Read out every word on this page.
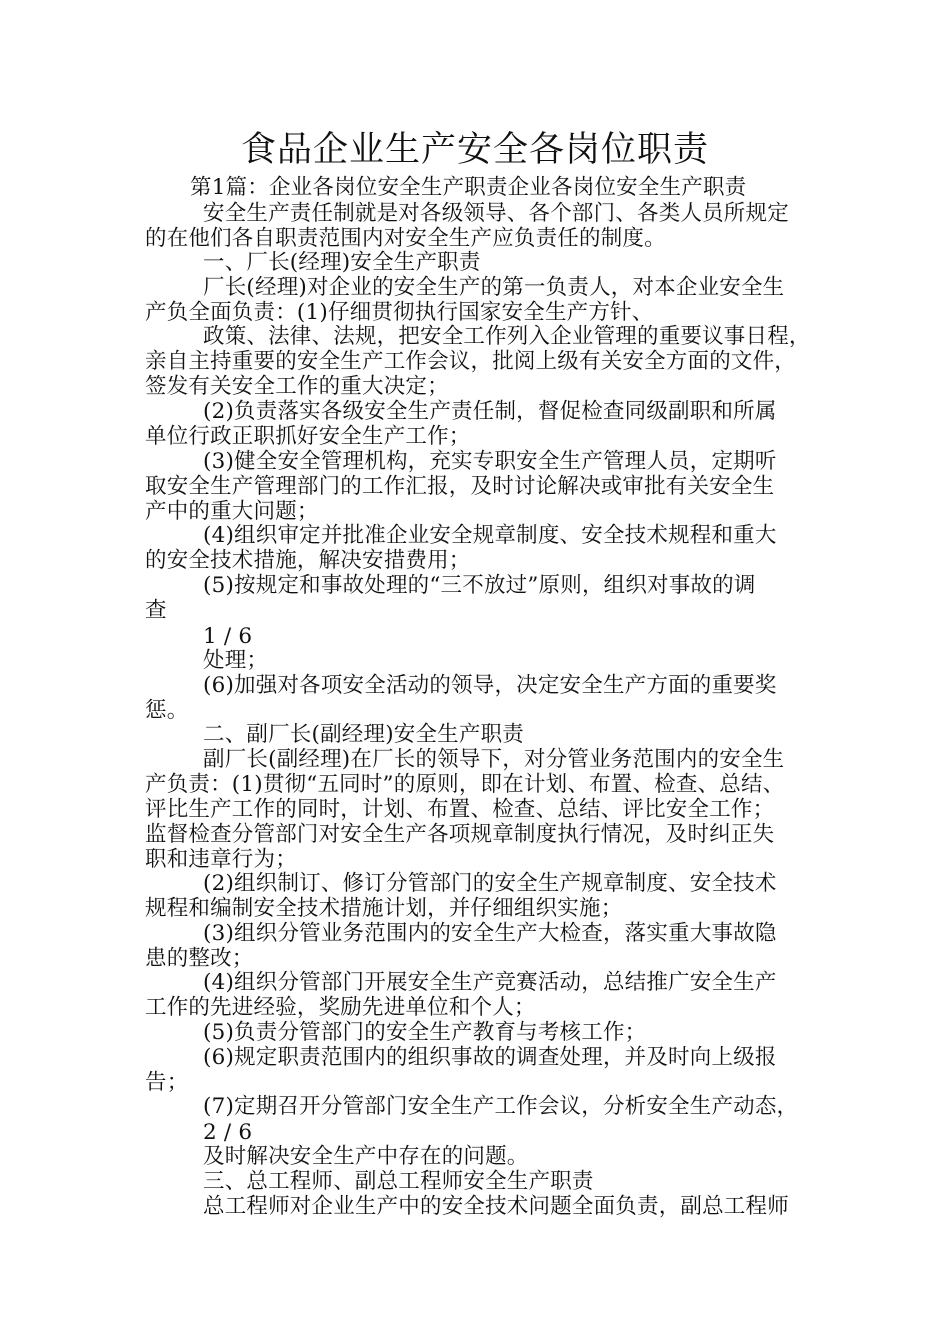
食品企业生产安全各岗位职责
第1篇：企业各岗位安全生产职责企业各岗位安全生产职责
安全生产责任制就是对各级领导、各个部门、各类人员所规定
的在他们各自职责范围内对安全生产应负责任的制度。
一、厂长(经理)安全生产职责
厂长(经理)对企业的安全生产的第一负责人，对本企业安全生
产负全面负责：(1)仔细贯彻执行国家安全生产方针、
政策、法律、法规，把安全工作列入企业管理的重要议事日程，
亲自主持重要的安全生产工作会议，批阅上级有关安全方面的文件，
签发有关安全工作的重大决定；
(2)负责落实各级安全生产责任制，督促检查同级副职和所属
单位行政正职抓好安全生产工作；
(3)健全安全管理机构，充实专职安全生产管理人员，定期听
取安全生产管理部门的工作汇报，及时讨论解决或审批有关安全生
产中的重大问题；
(4)组织审定并批准企业安全规章制度、安全技术规程和重大
的安全技术措施，解决安措费用；
(5)按规定和事故处理的“三不放过”原则，组织对事故的调
查
1 / 6
处理；
(6)加强对各项安全活动的领导，决定安全生产方面的重要奖
惩。
二、副厂长(副经理)安全生产职责
副厂长(副经理)在厂长的领导下，对分管业务范围内的安全生
产负责：(1)贯彻“五同时”的原则，即在计划、布置、检查、总结、
评比生产工作的同时，计划、布置、检查、总结、评比安全工作；
监督检查分管部门对安全生产各项规章制度执行情况，及时纠正失
职和违章行为；
(2)组织制订、修订分管部门的安全生产规章制度、安全技术
规程和编制安全技术措施计划，并仔细组织实施；
(3)组织分管业务范围内的安全生产大检查，落实重大事故隐
患的整改；
(4)组织分管部门开展安全生产竞赛活动，总结推广安全生产
工作的先进经验，奖励先进单位和个人；
(5)负责分管部门的安全生产教育与考核工作；
(6)规定职责范围内的组织事故的调查处理，并及时向上级报
告；
(7)定期召开分管部门安全生产工作会议，分析安全生产动态，
2 / 6
及时解决安全生产中存在的问题。
三、总工程师、副总工程师安全生产职责
总工程师对企业生产中的安全技术问题全面负责，副总工程师
